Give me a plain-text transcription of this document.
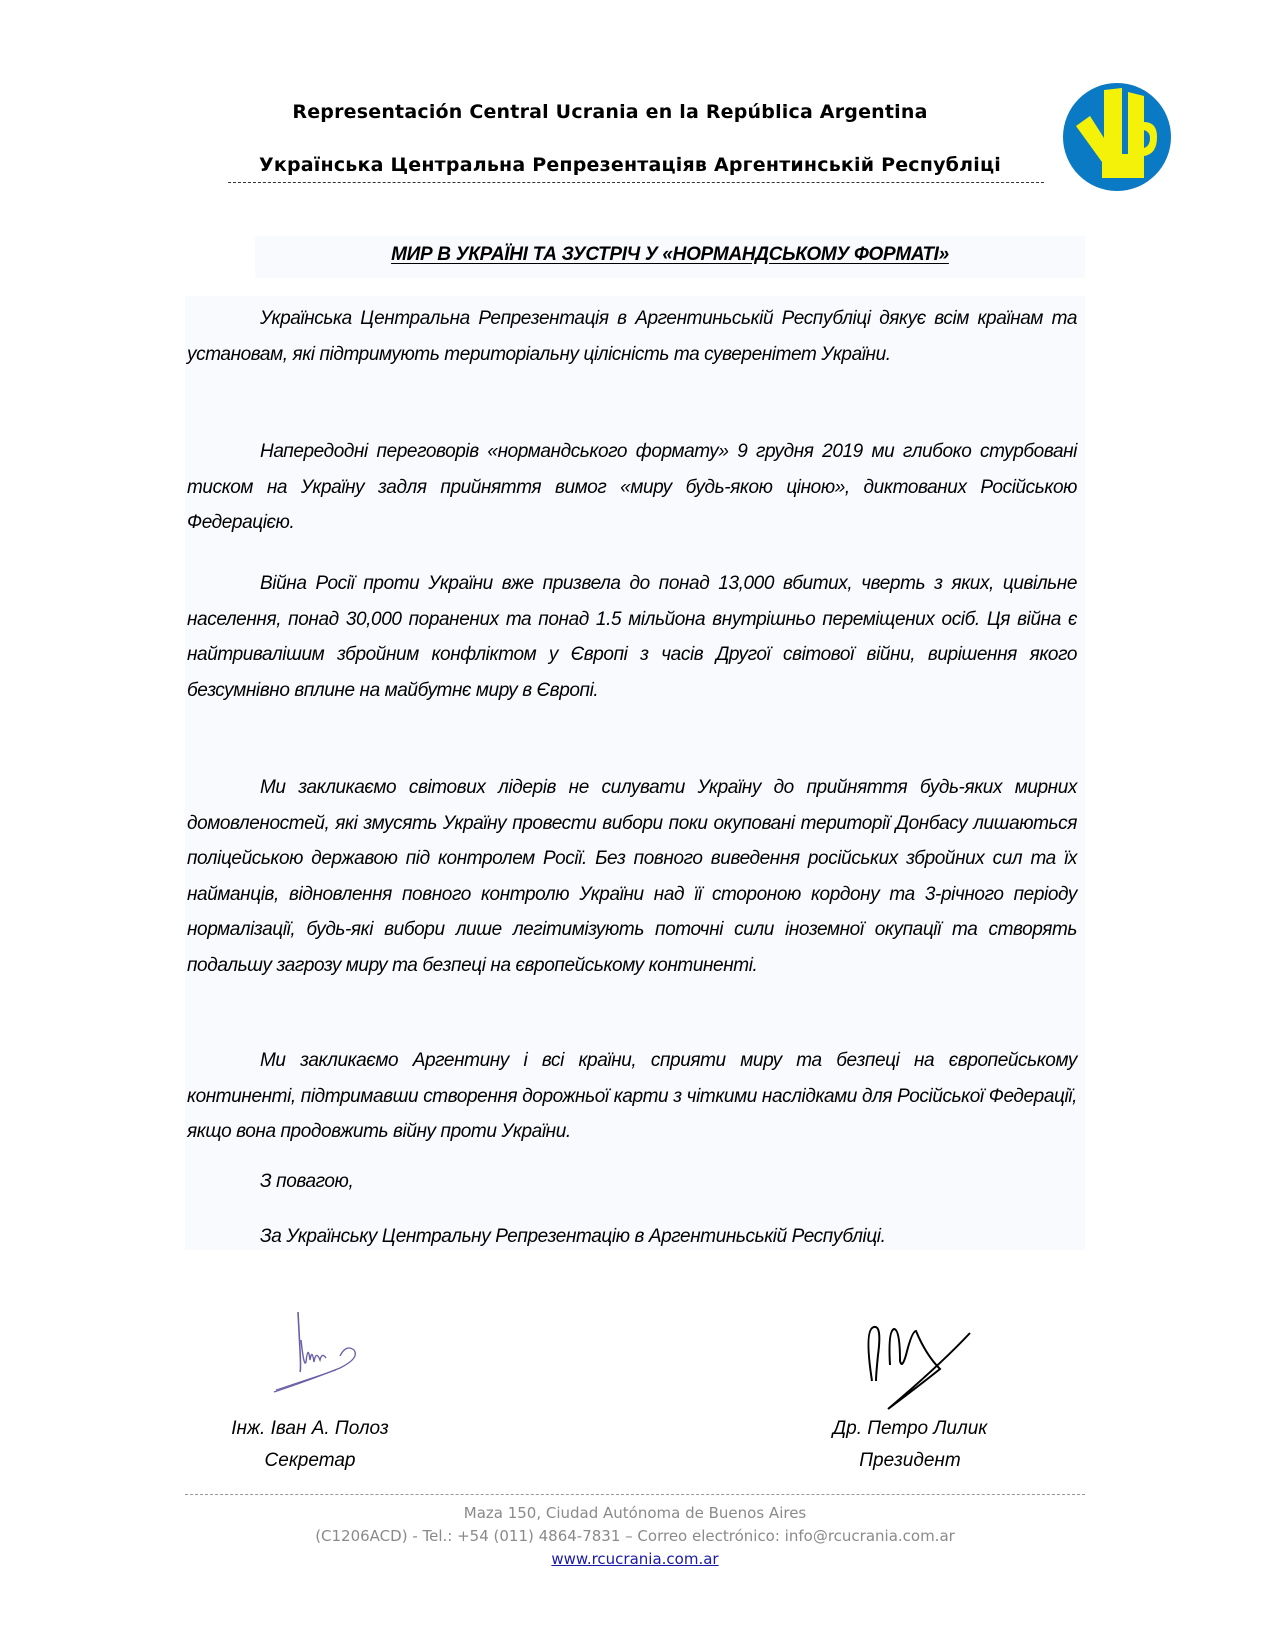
Representación Central Ucrania en la República Argentina
Українська Центральна Репрезентаціяв Аргентинській Республіці
МИР В УКРАЇНІ ТА ЗУСТРІЧ У «НОРМАНДСЬКОМУ ФОРМАТІ»
Українська Центральна Репрезентація в Аргентиньській Республіці дякує всім країнам та установам, які підтримують територіальну цілісність та суверенітет України.
Напередодні переговорів «нормандського формату» 9 грудня 2019 ми глибоко стурбовані тиском на Україну задля прийняття вимог «миру будь-якою ціною», диктованих Російською Федерацією.
Війна Росії проти України вже призвела до понад 13,000 вбитих, чверть з яких, цивільне населення, понад 30,000 поранених та понад 1.5 мільйона внутрішньо переміщених осіб. Ця війна є найтривалішим збройним конфліктом у Європі з часів Другої світової війни, вирішення якого безсумнівно вплине на майбутнє миру в Європі.
Ми закликаємо світових лідерів не силувати Україну до прийняття будь-яких мирних домовленостей, які змусять Україну провести вибори поки окуповані території Донбасу лишаються поліцейською державою під контролем Росії. Без повного виведення російських збройних сил та їх найманців, відновлення повного контролю України над її стороною кордону та 3-річного періоду нормалізації, будь-які вибори лише легітимізують поточні сили іноземної окупації та створять подальшу загрозу миру та безпеці на європейському континенті.
Ми закликаємо Аргентину і всі країни, сприяти миру та безпеці на європейському континенті, підтримавши створення дорожньої карти з чіткими наслідками для Російської Федерації, якщо вона продовжить війну проти України.
З повагою,
За Українську Центральну Репрезентацію в Аргентиньській Республіці.
Інж. Іван А. Полоз
Секретар
Др. Петро Лилик
Президент
Maza 150, Ciudad Autónoma de Buenos Aires
(C1206ACD) - Tel.: +54 (011) 4864-7831 – Correo electrónico: info@rcucrania.com.ar
www.rcucrania.com.ar
